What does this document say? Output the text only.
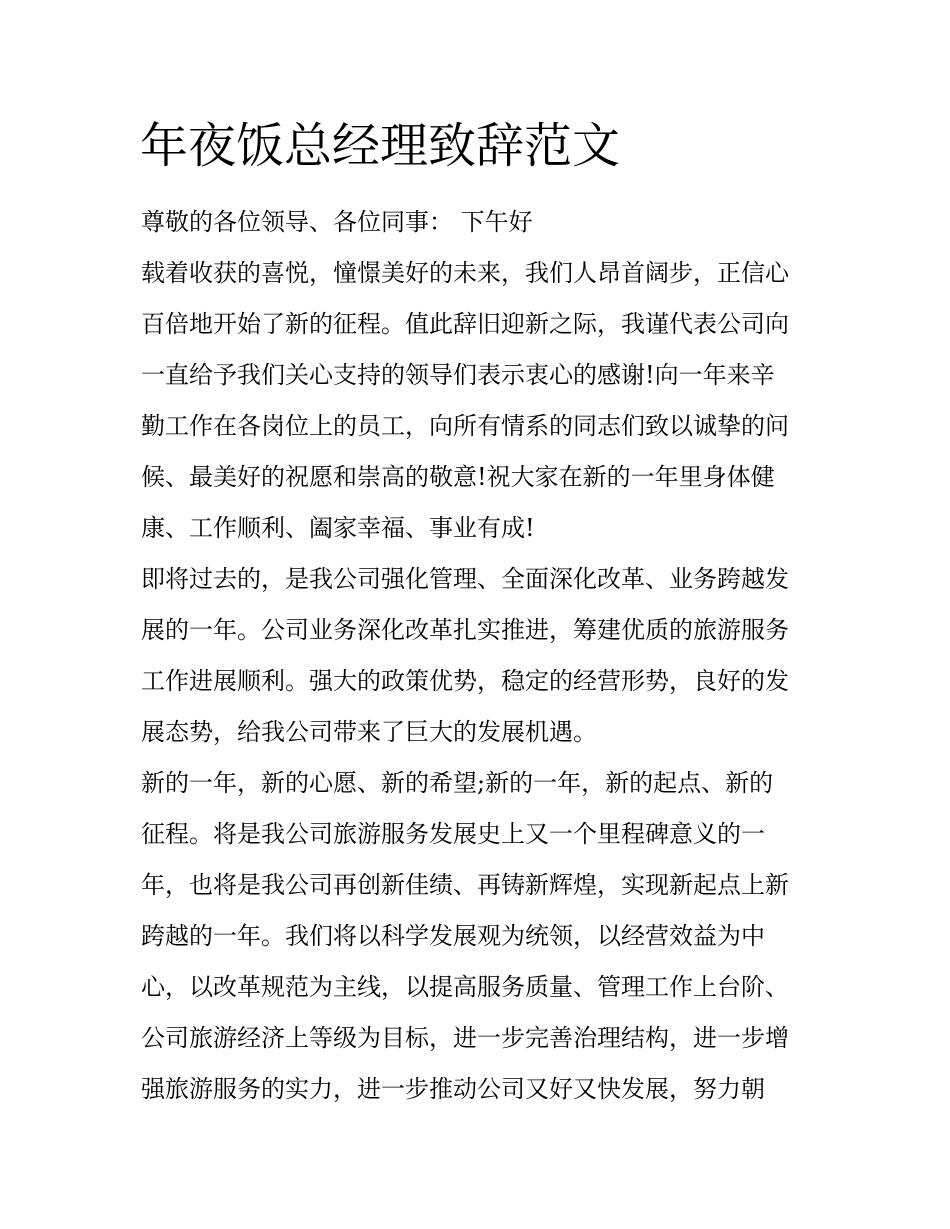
年夜饭总经理致辞范文

尊敬的各位领导、各位同事： 下午好

载着收获的喜悦，憧憬美好的未来，我们人昂首阔步，正信心

百倍地开始了新的征程。值此辞旧迎新之际，我谨代表公司向

一直给予我们关心支持的领导们表示衷心的感谢!向一年来辛

勤工作在各岗位上的员工，向所有情系的同志们致以诚挚的问

候、最美好的祝愿和崇高的敬意!祝大家在新的一年里身体健

康、工作顺利、阖家幸福、事业有成!

即将过去的，是我公司强化管理、全面深化改革、业务跨越发

展的一年。公司业务深化改革扎实推进，筹建优质的旅游服务

工作进展顺利。强大的政策优势，稳定的经营形势，良好的发

展态势，给我公司带来了巨大的发展机遇。

新的一年，新的心愿、新的希望;新的一年，新的起点、新的

征程。将是我公司旅游服务发展史上又一个里程碑意义的一

年，也将是我公司再创新佳绩、再铸新辉煌，实现新起点上新

跨越的一年。我们将以科学发展观为统领，以经营效益为中

心，以改革规范为主线，以提高服务质量、管理工作上台阶、

公司旅游经济上等级为目标，进一步完善治理结构，进一步增

强旅游服务的实力，进一步推动公司又好又快发展，努力朝
